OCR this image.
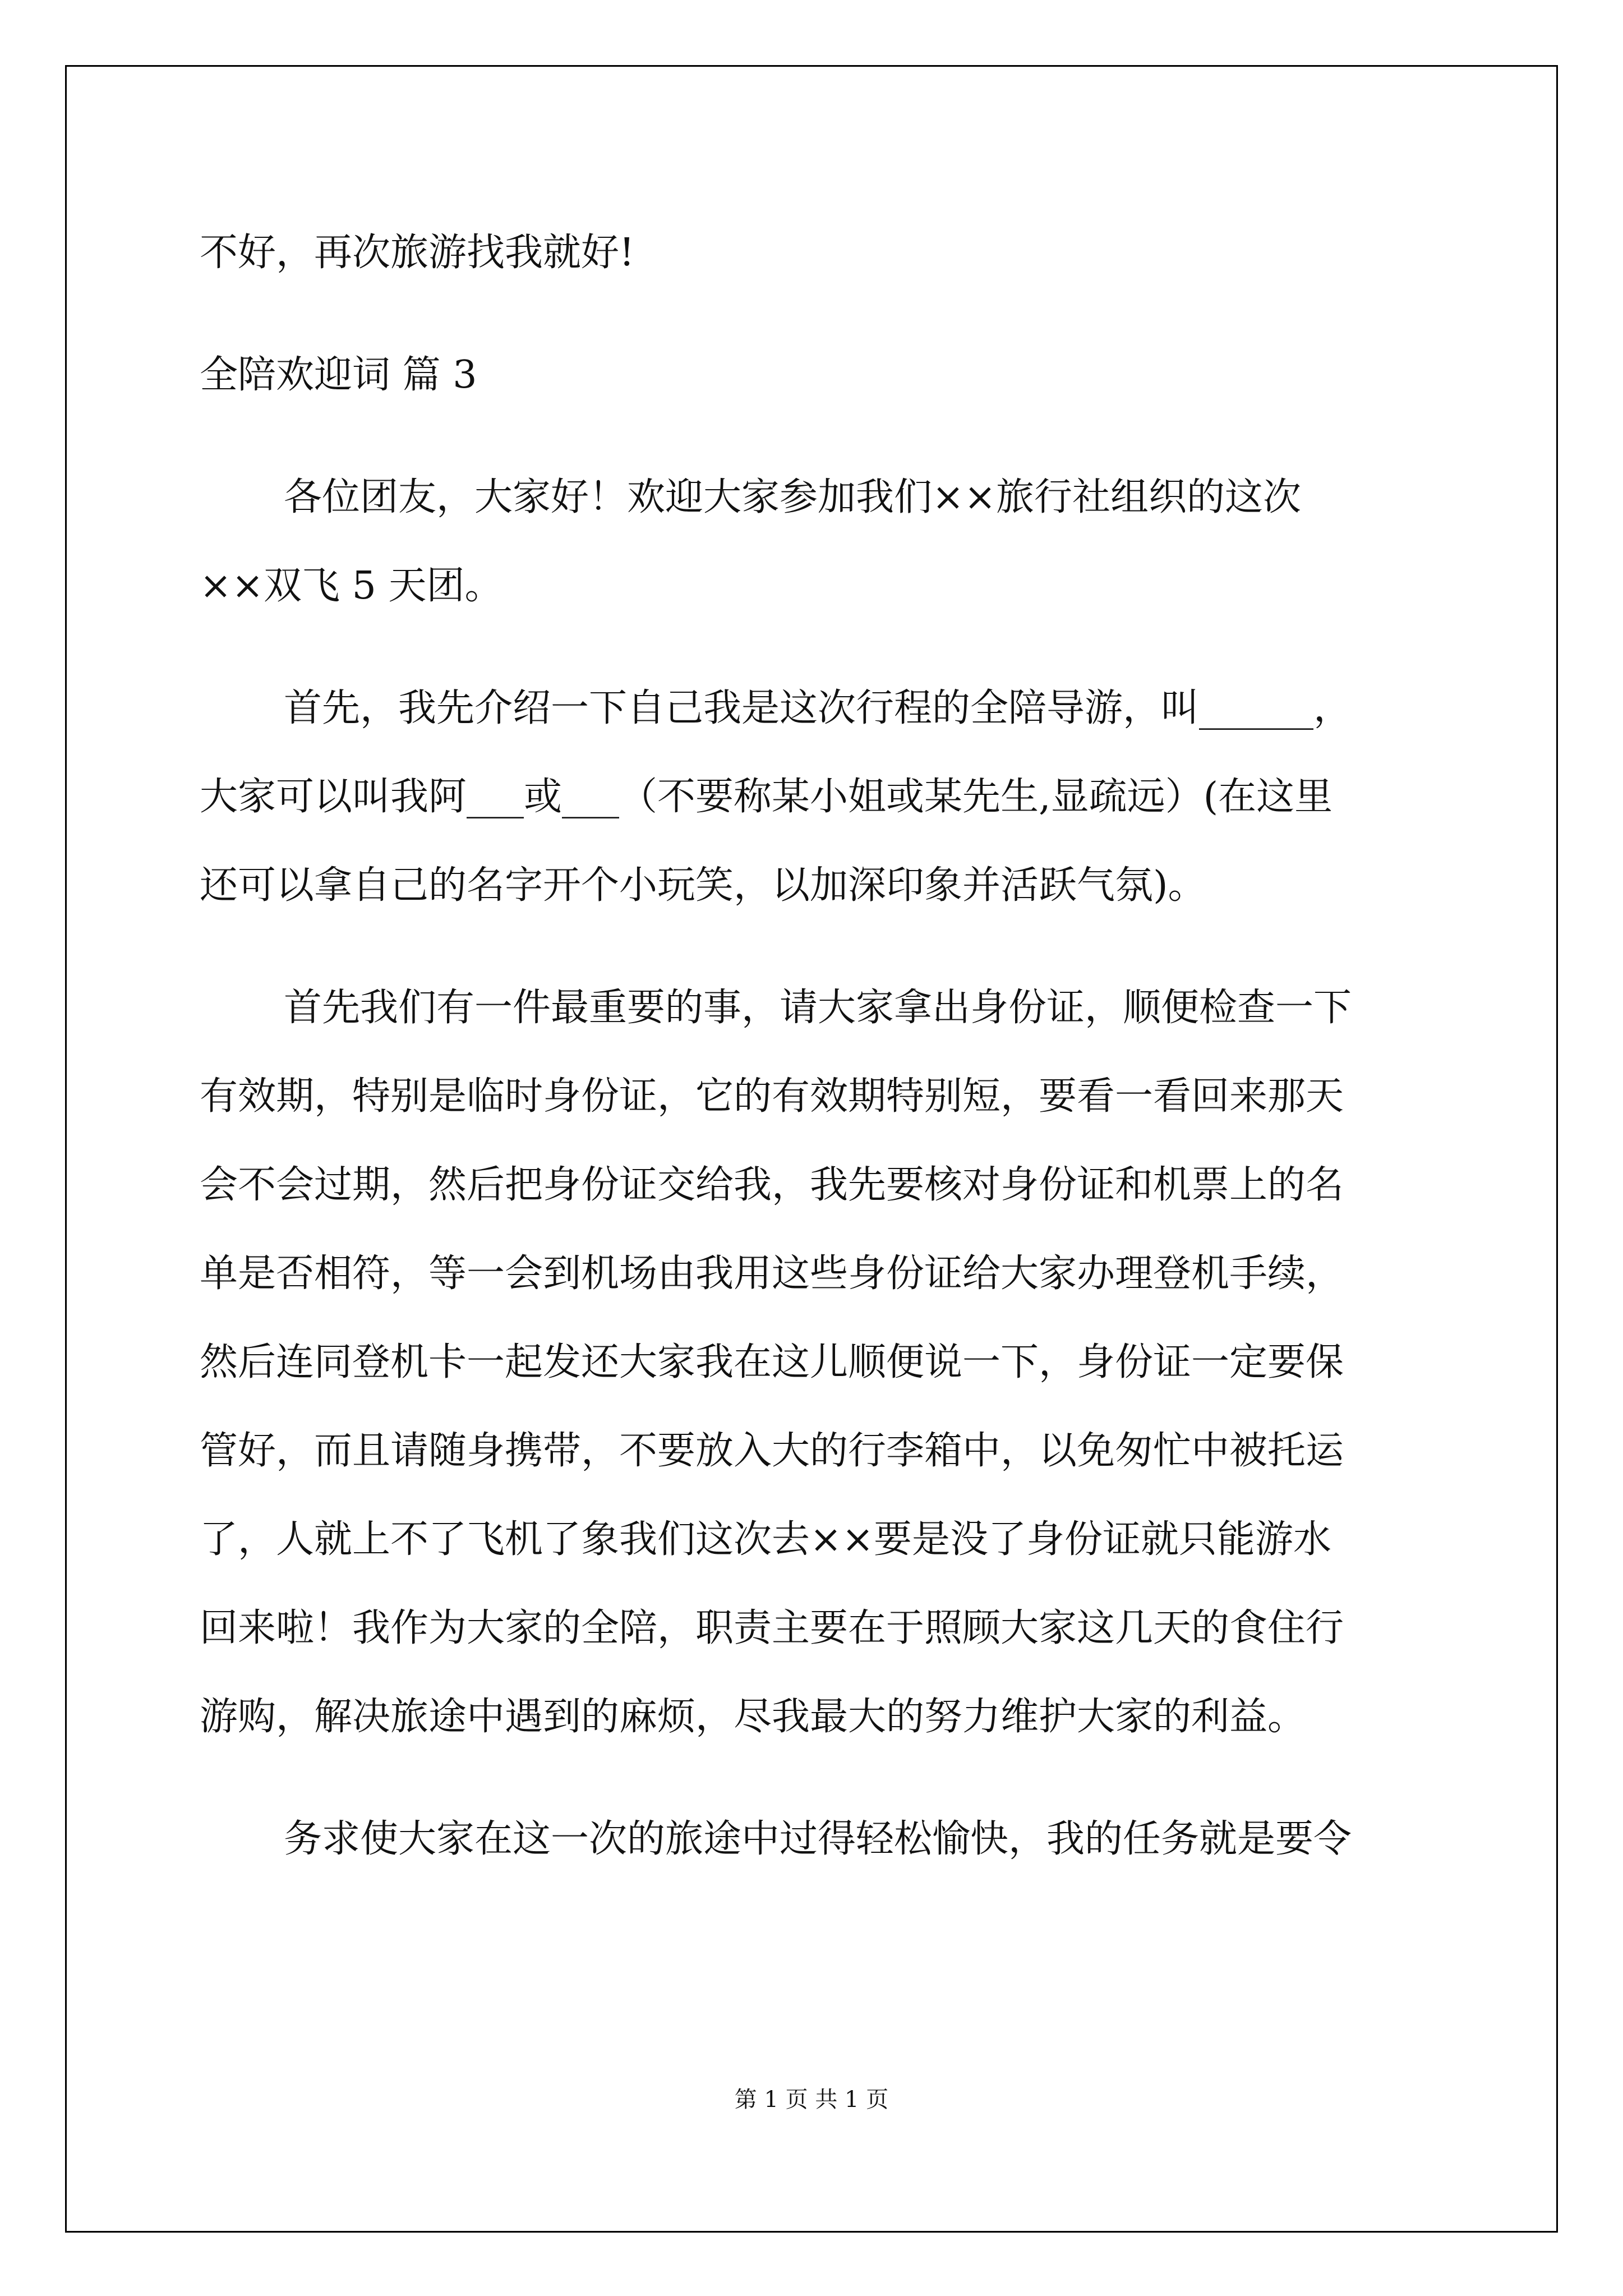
不好，再次旅游找我就好!
全陪欢迎词 篇 3
各位团友，大家好！欢迎大家参加我们××旅行社组织的这次
××双飞 5 天团。
首先，我先介绍一下自己我是这次行程的全陪导游，叫______，
大家可以叫我阿___或___（不要称某小姐或某先生,显疏远）(在这里
还可以拿自己的名字开个小玩笑，以加深印象并活跃气氛)。
首先我们有一件最重要的事，请大家拿出身份证，顺便检查一下
有效期，特别是临时身份证，它的有效期特别短，要看一看回来那天
会不会过期，然后把身份证交给我，我先要核对身份证和机票上的名
单是否相符，等一会到机场由我用这些身份证给大家办理登机手续，
然后连同登机卡一起发还大家我在这儿顺便说一下，身份证一定要保
管好，而且请随身携带，不要放入大的行李箱中，以免匆忙中被托运
了，人就上不了飞机了象我们这次去××要是没了身份证就只能游水
回来啦！我作为大家的全陪，职责主要在于照顾大家这几天的食住行
游购，解决旅途中遇到的麻烦，尽我最大的努力维护大家的利益。
务求使大家在这一次的旅途中过得轻松愉快，我的任务就是要令
第 1 页 共 1 页
